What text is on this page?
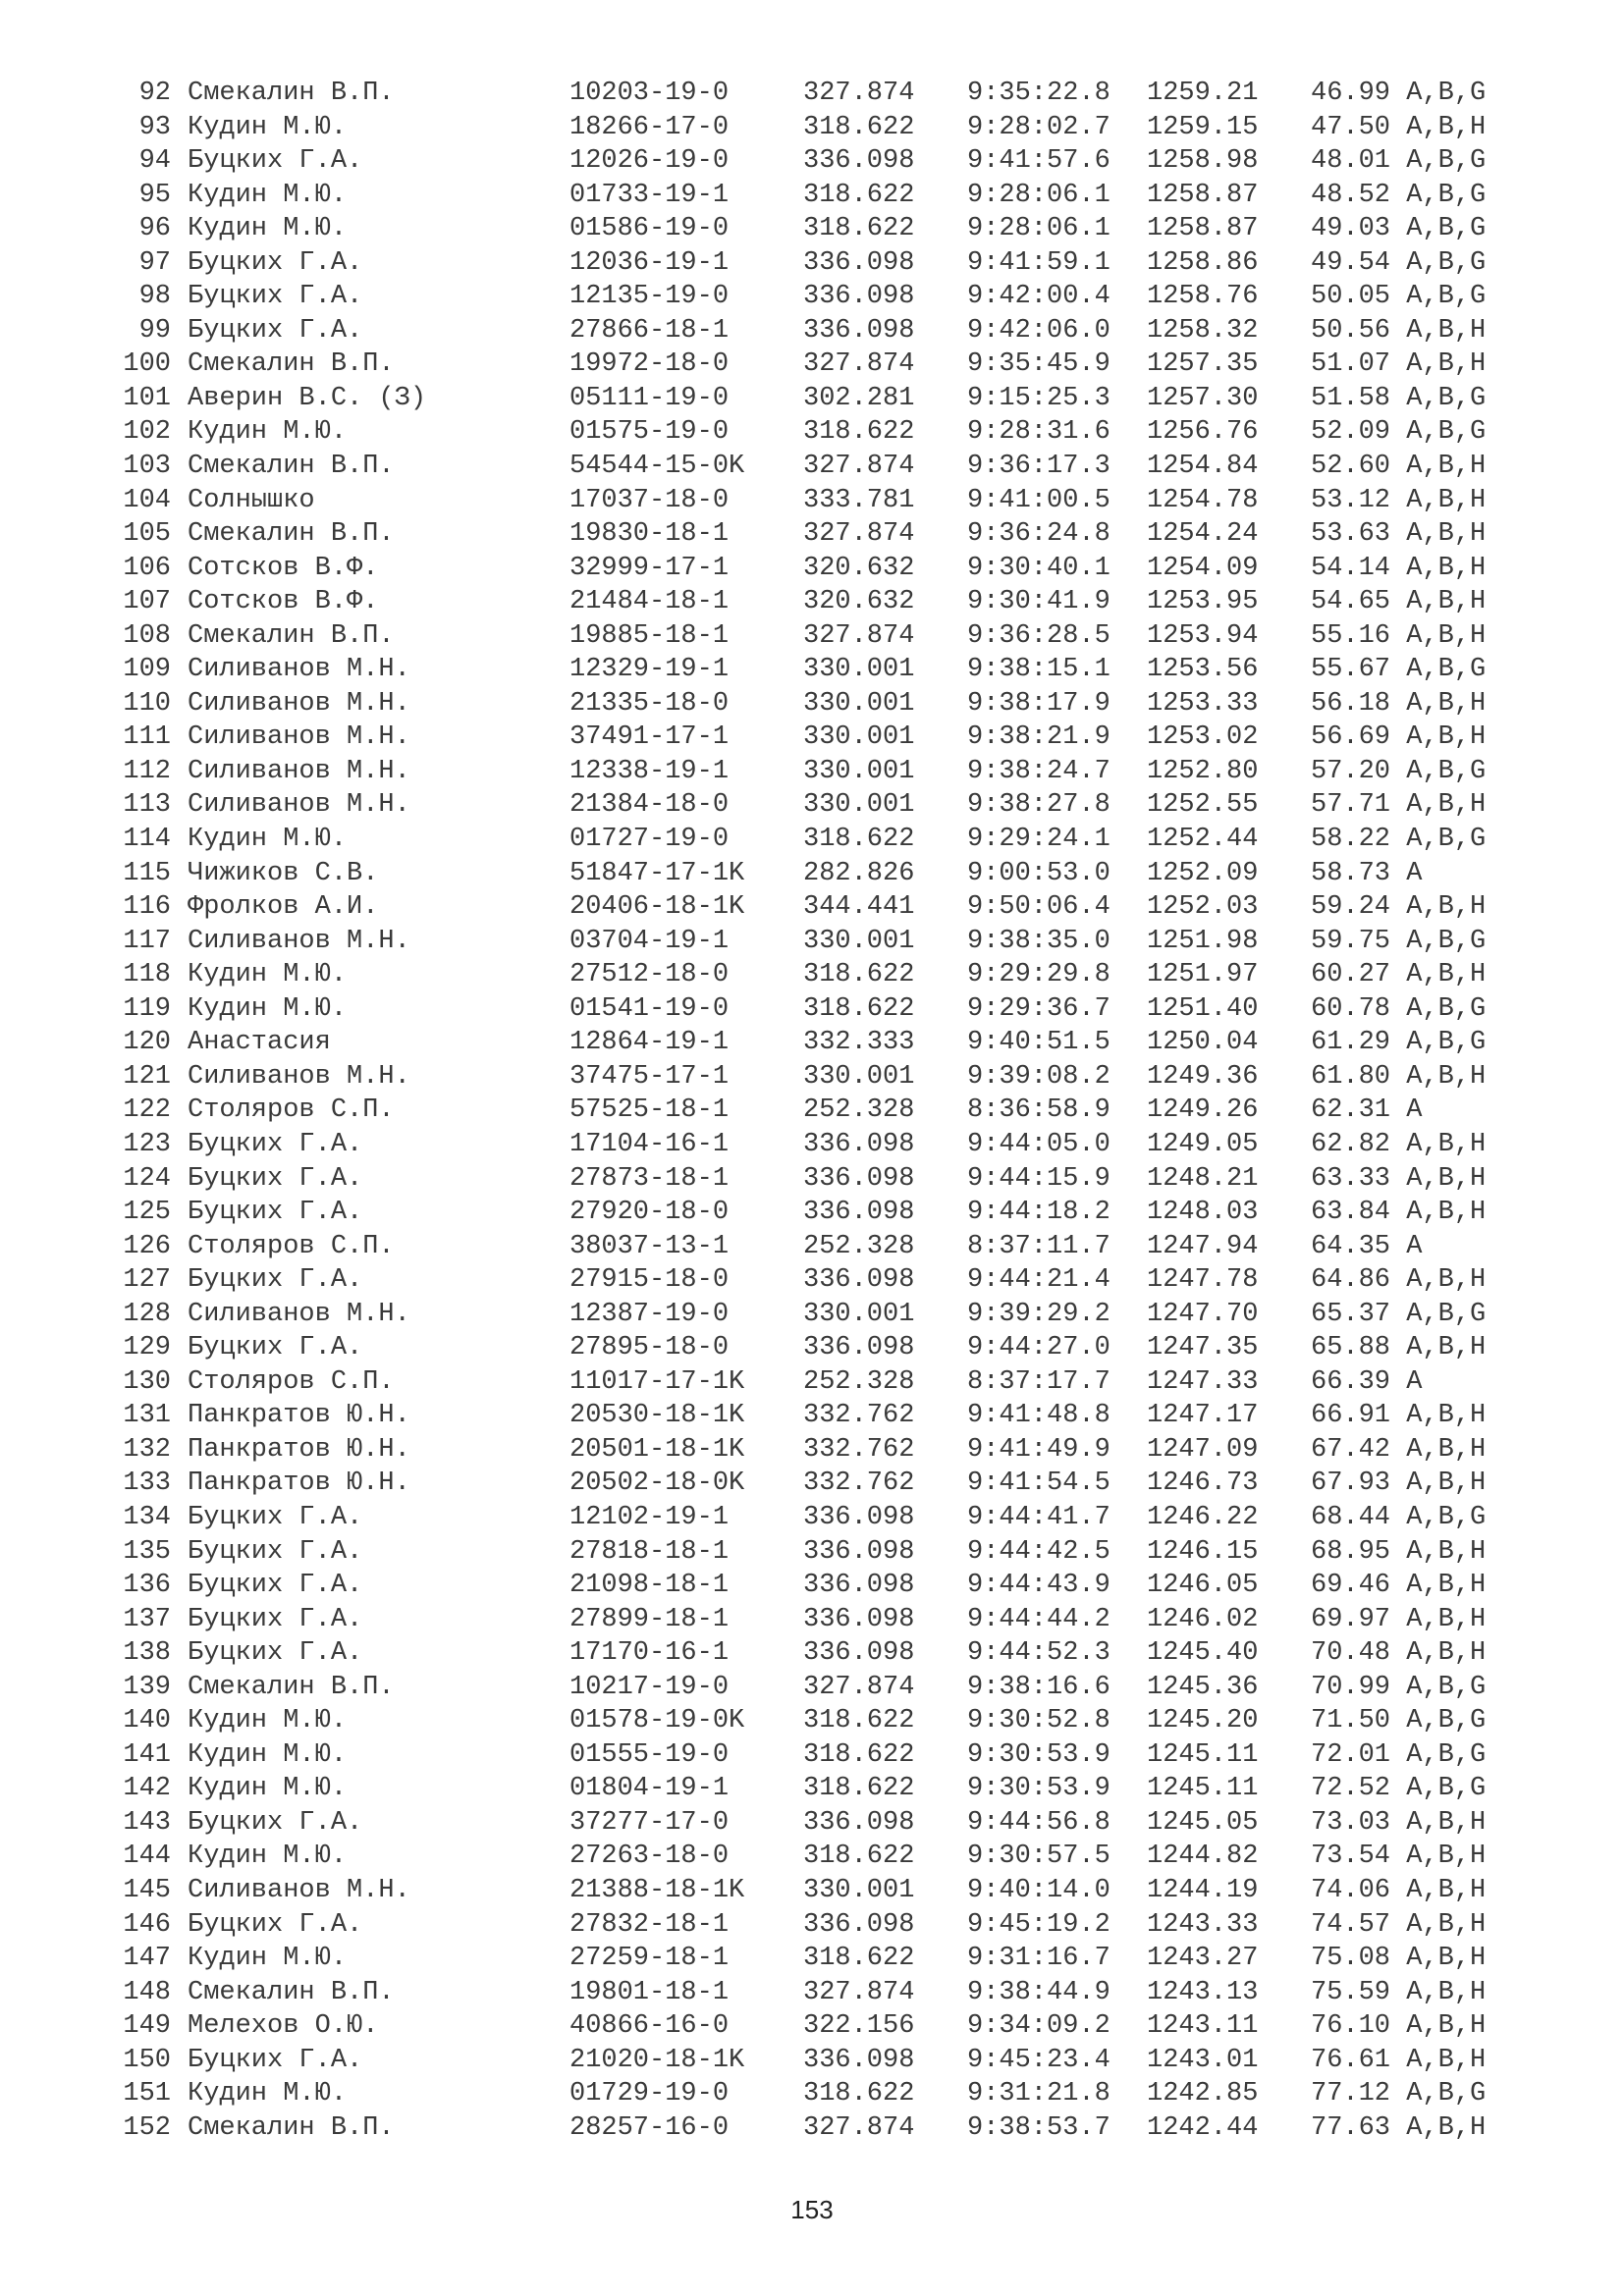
92 Смекалин В.П.	10203-19-0	327.874 9:35:22.8 1259.21 46.99 A,B,G
93 Кудин М.Ю.	18266-17-0	318.622 9:28:02.7 1259.15 47.50 A,B,H
94 Буцких Г.А.	12026-19-0	336.098 9:41:57.6 1258.98 48.01 A,B,G
95 Кудин М.Ю.	01733-19-1	318.622 9:28:06.1 1258.87 48.52 A,B,G
96 Кудин М.Ю.	01586-19-0	318.622 9:28:06.1 1258.87 49.03 A,B,G
97 Буцких Г.А.	12036-19-1	336.098 9:41:59.1 1258.86 49.54 A,B,G
98 Буцких Г.А.	12135-19-0	336.098 9:42:00.4 1258.76 50.05 A,B,G
99 Буцких Г.А.	27866-18-1	336.098 9:42:06.0 1258.32 50.56 A,B,H
100 Смекалин В.П.	19972-18-0	327.874 9:35:45.9 1257.35 51.07 A,B,H
101 Аверин В.С. (З)	05111-19-0	302.281 9:15:25.3 1257.30 51.58 A,B,G
102 Кудин М.Ю.	01575-19-0	318.622 9:28:31.6 1256.76 52.09 A,B,G
103 Смекалин В.П.	54544-15-0K 327.874 9:36:17.3 1254.84 52.60 A,B,H
104 Солнышко	17037-18-0	333.781 9:41:00.5 1254.78 53.12 A,B,H
105 Смекалин В.П.	19830-18-1	327.874 9:36:24.8 1254.24 53.63 A,B,H
106 Сотсков В.Ф.	32999-17-1	320.632 9:30:40.1 1254.09 54.14 A,B,H
107 Сотсков В.Ф.	21484-18-1	320.632 9:30:41.9 1253.95 54.65 A,B,H
108 Смекалин В.П.	19885-18-1	327.874 9:36:28.5 1253.94 55.16 A,B,H
109 Силиванов М.Н.	12329-19-1	330.001 9:38:15.1 1253.56 55.67 A,B,G
110 Силиванов М.Н.	21335-18-0	330.001 9:38:17.9 1253.33 56.18 A,B,H
111 Силиванов М.Н.	37491-17-1	330.001 9:38:21.9 1253.02 56.69 A,B,H
112 Силиванов М.Н.	12338-19-1	330.001 9:38:24.7 1252.80 57.20 A,B,G
113 Силиванов М.Н.	21384-18-0	330.001 9:38:27.8 1252.55 57.71 A,B,H
114 Кудин М.Ю.	01727-19-0	318.622 9:29:24.1 1252.44 58.22 A,B,G
115 Чижиков С.В.	51847-17-1K 282.826 9:00:53.0 1252.09 58.73 A
116 Фролков А.И.	20406-18-1K 344.441 9:50:06.4 1252.03 59.24 A,B,H
117 Силиванов М.Н.	03704-19-1	330.001 9:38:35.0 1251.98 59.75 A,B,G
118 Кудин М.Ю.	27512-18-0	318.622 9:29:29.8 1251.97 60.27 A,B,H
119 Кудин М.Ю.	01541-19-0	318.622 9:29:36.7 1251.40 60.78 A,B,G
120 Анастасия	12864-19-1	332.333 9:40:51.5 1250.04 61.29 A,B,G
121 Силиванов М.Н.	37475-17-1	330.001 9:39:08.2 1249.36 61.80 A,B,H
122 Столяров С.П.	57525-18-1	252.328 8:36:58.9 1249.26 62.31 A
123 Буцких Г.А.	17104-16-1	336.098 9:44:05.0 1249.05 62.82 A,B,H
124 Буцких Г.А.	27873-18-1	336.098 9:44:15.9 1248.21 63.33 A,B,H
125 Буцких Г.А.	27920-18-0	336.098 9:44:18.2 1248.03 63.84 A,B,H
126 Столяров С.П.	38037-13-1	252.328 8:37:11.7 1247.94 64.35 A
127 Буцких Г.А.	27915-18-0	336.098 9:44:21.4 1247.78 64.86 A,B,H
128 Силиванов М.Н.	12387-19-0	330.001 9:39:29.2 1247.70 65.37 A,B,G
129 Буцких Г.А.	27895-18-0	336.098 9:44:27.0 1247.35 65.88 A,B,H
130 Столяров С.П.	11017-17-1K 252.328 8:37:17.7 1247.33 66.39 A
131 Панкратов Ю.Н.	20530-18-1K 332.762 9:41:48.8 1247.17 66.91 A,B,H
132 Панкратов Ю.Н.	20501-18-1K 332.762 9:41:49.9 1247.09 67.42 A,B,H
133 Панкратов Ю.Н.	20502-18-0K 332.762 9:41:54.5 1246.73 67.93 A,B,H
134 Буцких Г.А.	12102-19-1	336.098 9:44:41.7 1246.22 68.44 A,B,G
135 Буцких Г.А.	27818-18-1	336.098 9:44:42.5 1246.15 68.95 A,B,H
136 Буцких Г.А.	21098-18-1	336.098 9:44:43.9 1246.05 69.46 A,B,H
137 Буцких Г.А.	27899-18-1	336.098 9:44:44.2 1246.02 69.97 A,B,H
138 Буцких Г.А.	17170-16-1	336.098 9:44:52.3 1245.40 70.48 A,B,H
139 Смекалин В.П.	10217-19-0	327.874 9:38:16.6 1245.36 70.99 A,B,G
140 Кудин М.Ю.	01578-19-0K 318.622 9:30:52.8 1245.20 71.50 A,B,G
141 Кудин М.Ю.	01555-19-0	318.622 9:30:53.9 1245.11 72.01 A,B,G
142 Кудин М.Ю.	01804-19-1	318.622 9:30:53.9 1245.11 72.52 A,B,G
143 Буцких Г.А.	37277-17-0	336.098 9:44:56.8 1245.05 73.03 A,B,H
144 Кудин М.Ю.	27263-18-0	318.622 9:30:57.5 1244.82 73.54 A,B,H
145 Силиванов М.Н.	21388-18-1K 330.001 9:40:14.0 1244.19 74.06 A,B,H
146 Буцких Г.А.	27832-18-1	336.098 9:45:19.2 1243.33 74.57 A,B,H
147 Кудин М.Ю.	27259-18-1	318.622 9:31:16.7 1243.27 75.08 A,B,H
148 Смекалин В.П.	19801-18-1	327.874 9:38:44.9 1243.13 75.59 A,B,H
149 Мелехов О.Ю.	40866-16-0	322.156 9:34:09.2 1243.11 76.10 A,B,H
150 Буцких Г.А.	21020-18-1K 336.098 9:45:23.4 1243.01 76.61 A,B,H
151 Кудин М.Ю.	01729-19-0	318.622 9:31:21.8 1242.85 77.12 A,B,G
152 Смекалин В.П.	28257-16-0	327.874 9:38:53.7 1242.44 77.63 A,B,H
153
